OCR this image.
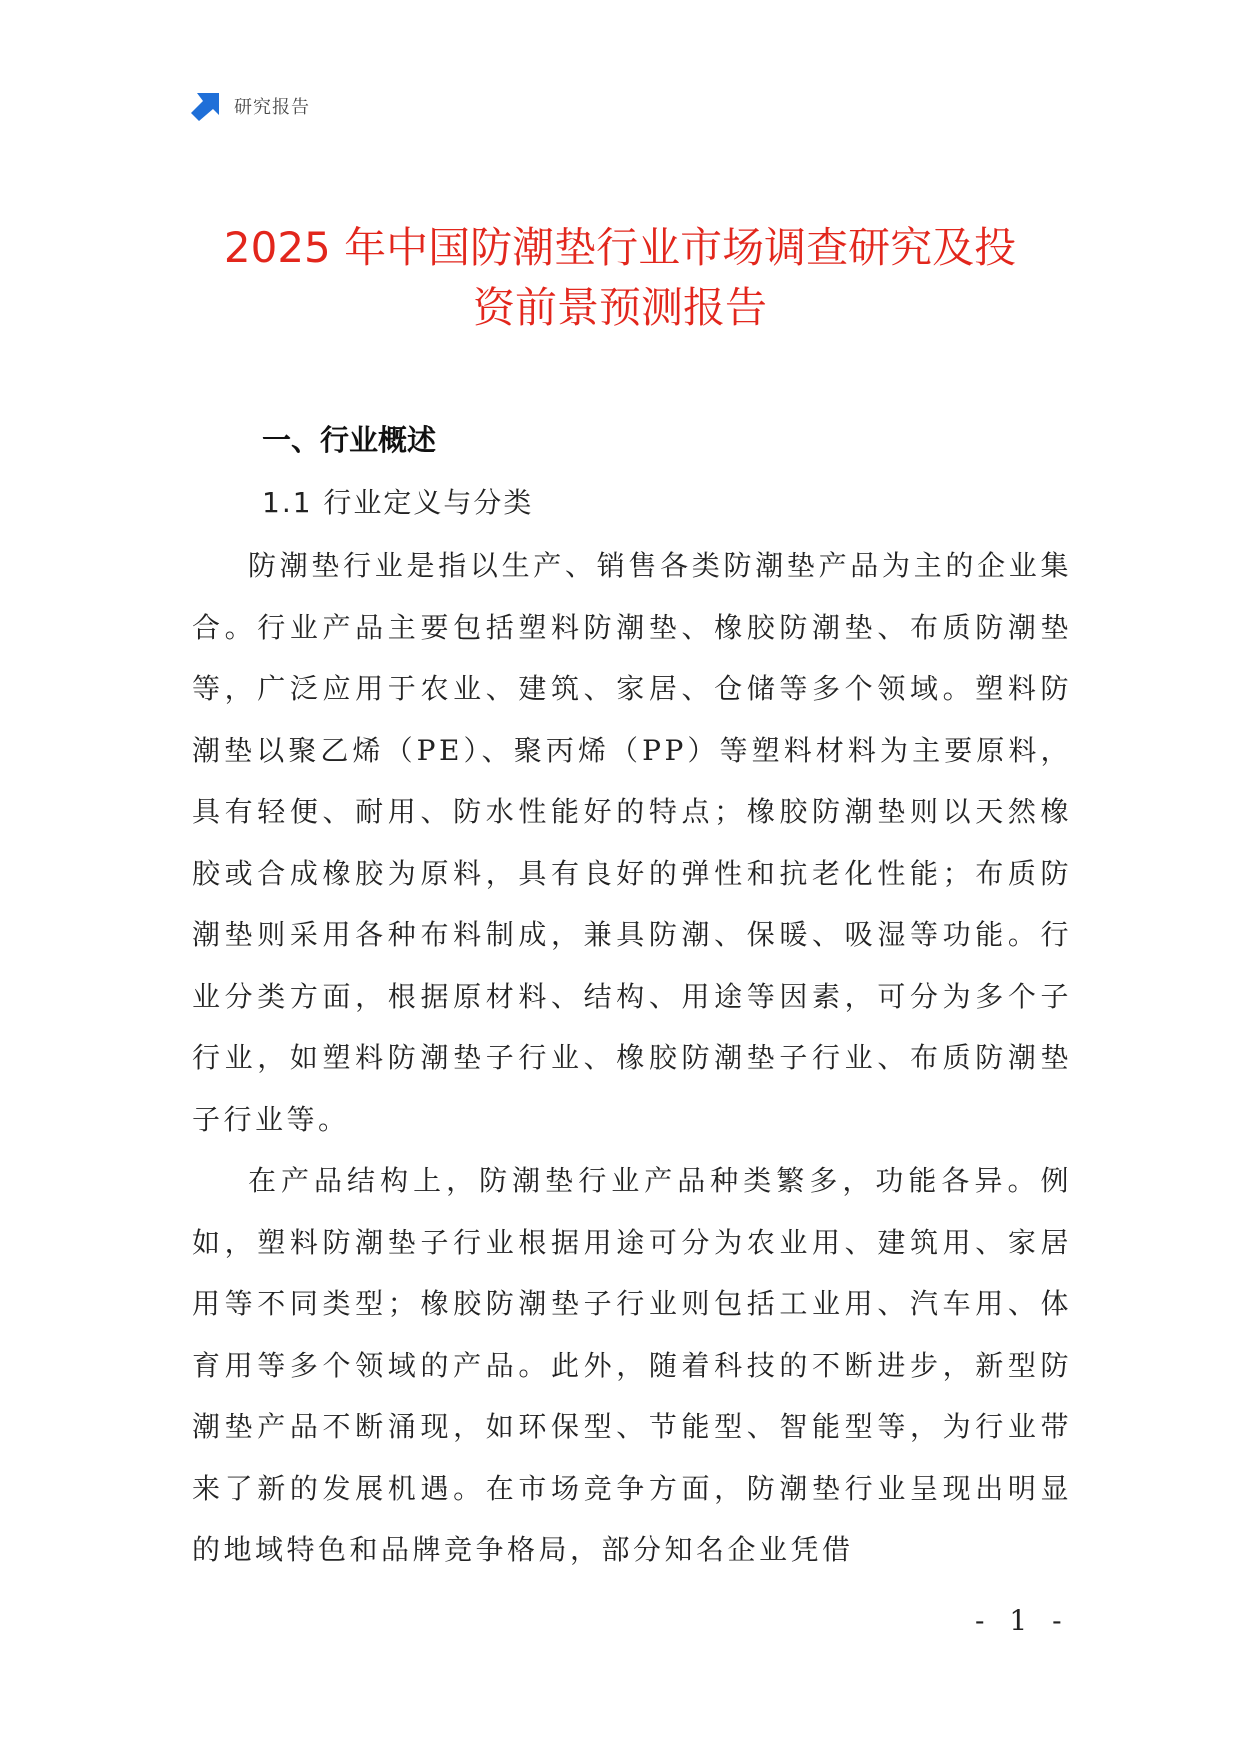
研究报告
2025 年中国防潮垫行业市场调查研究及投
资前景预测报告
一、行业概述
1.1 行业定义与分类

防潮垫行业是指以生产、销售各类防潮垫产品为主的企业集合。行业产品主要包括塑料防潮垫、橡胶防潮垫、布质防潮垫等，广泛应用于农业、建筑、家居、仓储等多个领域。塑料防潮垫以聚乙烯（PE）、聚丙烯（PP）等塑料材料为主要原料，具有轻便、耐用、防水性能好的特点；橡胶防潮垫则以天然橡胶或合成橡胶为原料，具有良好的弹性和抗老化性能；布质防潮垫则采用各种布料制成，兼具防潮、保暖、吸湿等功能。行业分类方面，根据原材料、结构、用途等因素，可分为多个子行业，如塑料防潮垫子行业、橡胶防潮垫子行业、布质防潮垫子行业等。

在产品结构上，防潮垫行业产品种类繁多，功能各异。例如，塑料防潮垫子行业根据用途可分为农业用、建筑用、家居用等不同类型；橡胶防潮垫子行业则包括工业用、汽车用、体育用等多个领域的产品。此外，随着科技的不断进步，新型防潮垫产品不断涌现，如环保型、节能型、智能型等，为行业带来了新的发展机遇。在市场竞争方面，防潮垫行业呈现出明显的地域特色和品牌竞争格局，部分知名企业凭借

- 1 -
